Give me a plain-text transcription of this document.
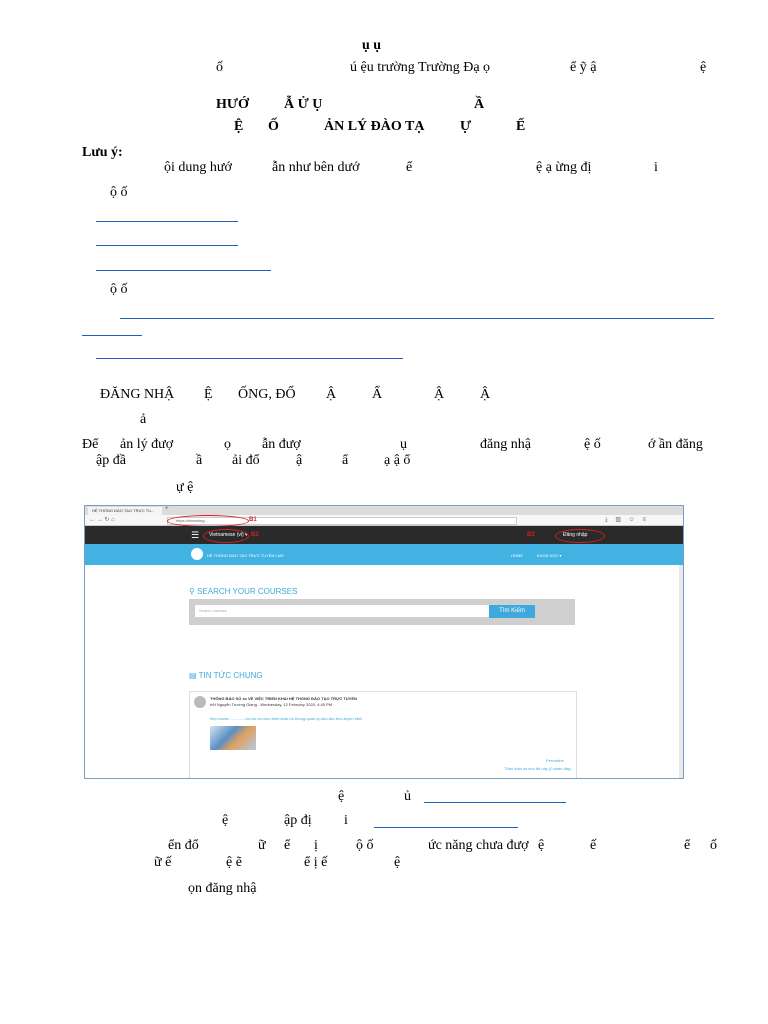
ụ ụ
ố	ú ệu trường Trường Đạ ọ	ể ỹ ậ	ệ
HƯỚ	Ẫ Ử Ụ	Ầ
Ệ Ố	ẢN LÝ ĐÀO TẠ	Ự	Ế
Lưu ý:
ội dung hướ	ẫn như bên dướ	ể	ệ ạ ừng đị	i
ộ ố
ộ ố
ĐĂNG NHẬ Ệ ỐNG, ĐỔ Ậ	Ẩ	Ậ	Ậ
ả
Để ản lý đượ	ọ ẫn đượ	ụ	đăng nhậ	ệ ố	ớ ần đăng
ập đầ	ầ ải đổ	ậ	ẩ	ạ ậ ổ
ự ệ
HỆ THỐNG ĐÀO TẠO TRỰC TU...	+
← → ↻ ⌂	https://elearning...	⤓ ▥ ☺ ≡
B1
☰ Vietnamese (vi) ▾	Đăng nhập
B2	B3
HỆ THỐNG ĐÀO TẠO TRỰC TUYẾN LMS	HOME	KHOÁ HỌC ▾
⚲ SEARCH YOUR COURSES
Search courses	Tìm Kiếm
▤ TIN TỨC CHUNG
THÔNG BÁO SỐ xx VỀ VIỆC TRIỂN KHAI HỆ THỐNG ĐÀO TẠO TRỰC TUYẾN
bởi Nguyễn Trường Giang - Wednesday, 12 February 2020, 4:45 PM
http://www.............../do-so-ve-viec-trien-khai-he-thong-quan-ly-dao-tao-truc-tuyen.html
Permalink
Thảo luận và cho đề này (0 phản đáp)
ệ	ủ
ệ	ập đị i
ển đổ	ữ ể ị	ộ ố	ức năng chưa đượ ệ	ế	ể ố
ữ ế	ệ ẽ	ể ị ế	ệ
ọn đăng nhậ
